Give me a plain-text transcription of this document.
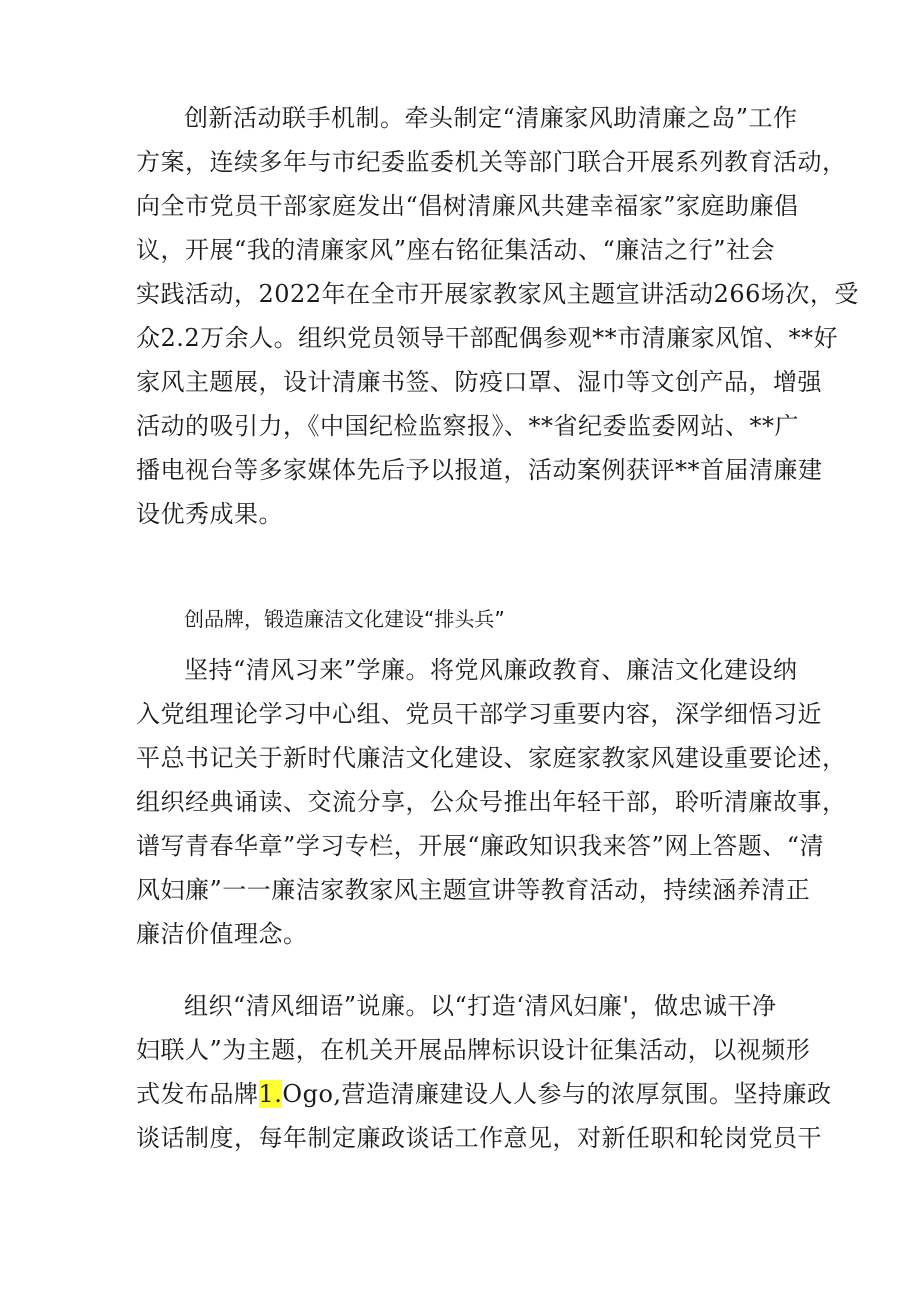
创新活动联手机制。牵头制定“清廉家风助清廉之岛”工作
方案，连续多年与市纪委监委机关等部门联合开展系列教育活动，
向全市党员干部家庭发出“倡树清廉风共建幸福家”家庭助廉倡
议，开展“我的清廉家风”座右铭征集活动、“廉洁之行”社会
实践活动，2022年在全市开展家教家风主题宣讲活动266场次，受
众2.2万余人。组织党员领导干部配偶参观**市清廉家风馆、**好
家风主题展，设计清廉书签、防疫口罩、湿巾等文创产品，增强
活动的吸引力，《中国纪检监察报》、**省纪委监委网站、**广
播电视台等多家媒体先后予以报道，活动案例获评**首届清廉建
设优秀成果。
创品牌，锻造廉洁文化建设“排头兵”
坚持“清风习来”学廉。将党风廉政教育、廉洁文化建设纳
入党组理论学习中心组、党员干部学习重要内容，深学细悟习近
平总书记关于新时代廉洁文化建设、家庭家教家风建设重要论述，
组织经典诵读、交流分享，公众号推出年轻干部，聆听清廉故事，
谱写青春华章”学习专栏，开展“廉政知识我来答”网上答题、“清
风妇廉”一一廉洁家教家风主题宣讲等教育活动，持续涵养清正
廉洁价值理念。
组织“清风细语”说廉。以“打造‘清风妇廉'，做忠诚干净
妇联人”为主题，在机关开展品牌标识设计征集活动，以视频形
式发布品牌1.Ogo,营造清廉建设人人参与的浓厚氛围。坚持廉政
谈话制度，每年制定廉政谈话工作意见，对新任职和轮岗党员干
